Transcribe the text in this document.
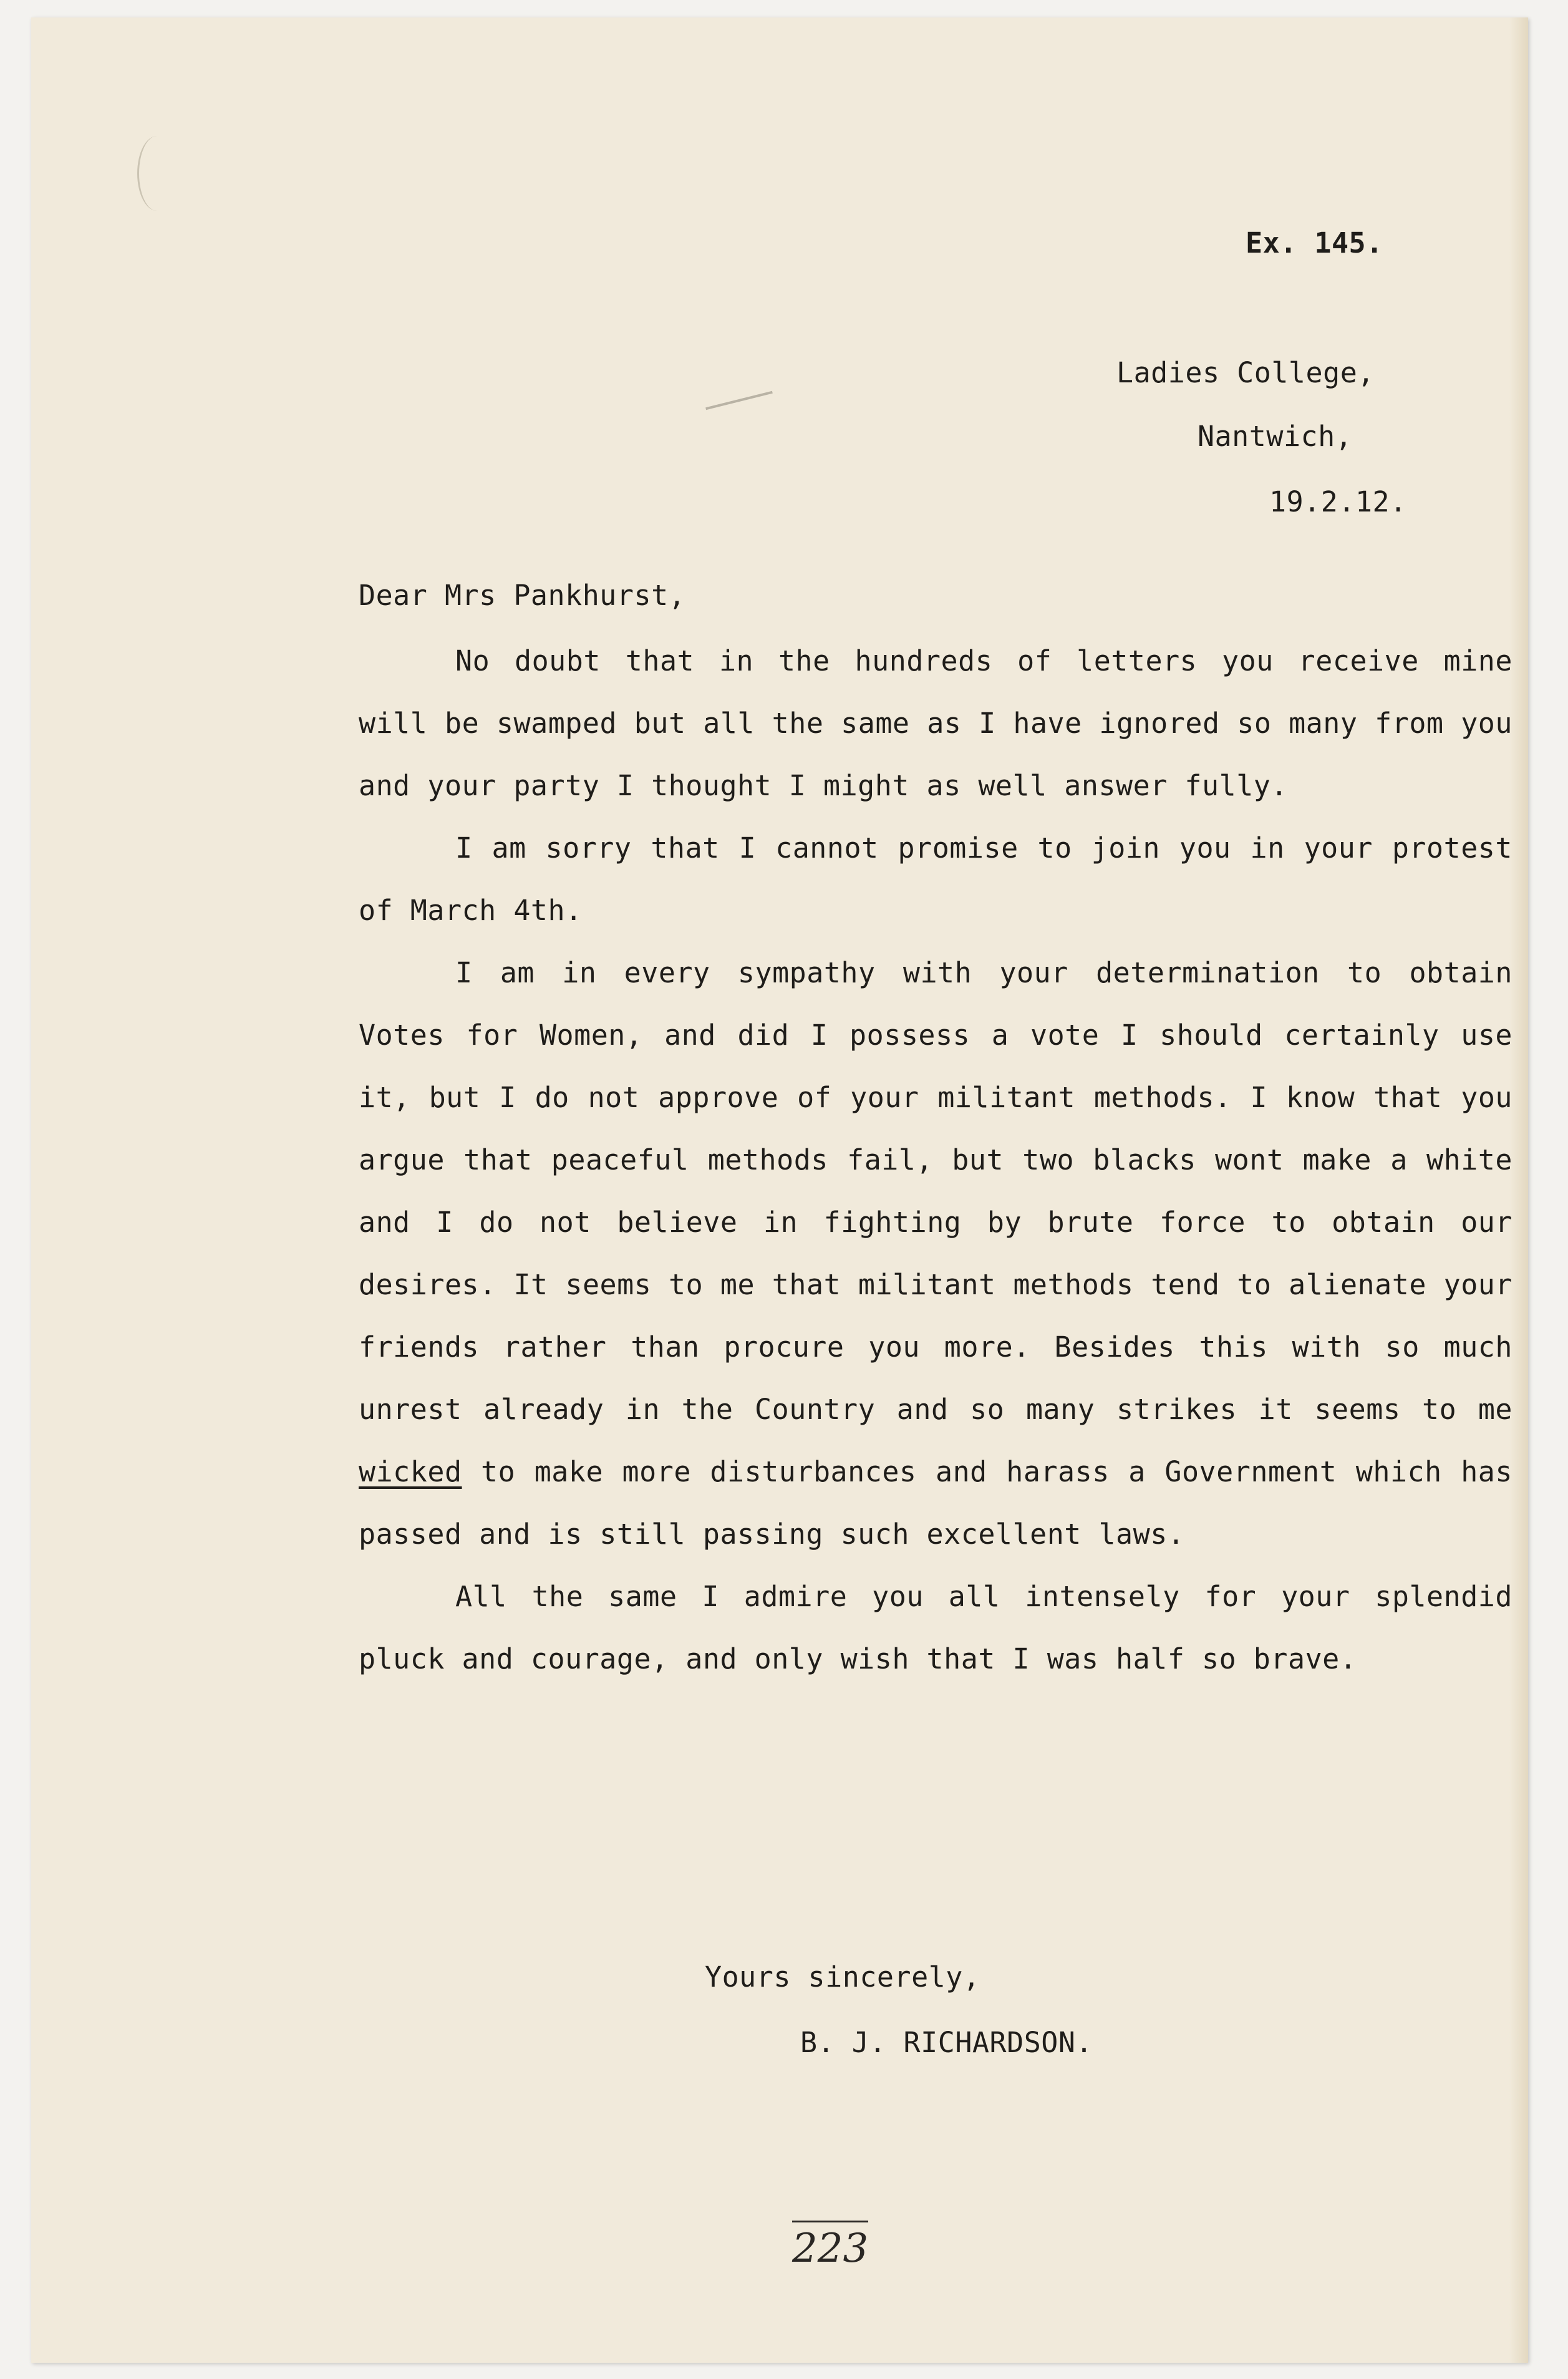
Ex. 145.
Ladies College,
Nantwich,
19.2.12.
Dear Mrs Pankhurst,

No doubt that in the hundreds of letters you receive mine will be swamped but all the same as I have ignored so many from you and your party I thought I might as well answer fully.

I am sorry that I cannot promise to join you in your protest of March 4th.

I am in every sympathy with your determination to obtain Votes for Women, and did I possess a vote I should certainly use it, but I do not approve of your militant methods. I know that you argue that peaceful methods fail, but two blacks wont make a white and I do not believe in fighting by brute force to obtain our desires. It seems to me that militant methods tend to alienate your friends rather than procure you more. Besides this with so much unrest already in the Country and so many strikes it seems to me wicked to make more disturbances and harass a Government which has passed and is still passing such excellent laws.

All the same I admire you all intensely for your splendid pluck and courage, and only wish that I was half so brave.

Yours sincerely,
B. J. RICHARDSON.
223
